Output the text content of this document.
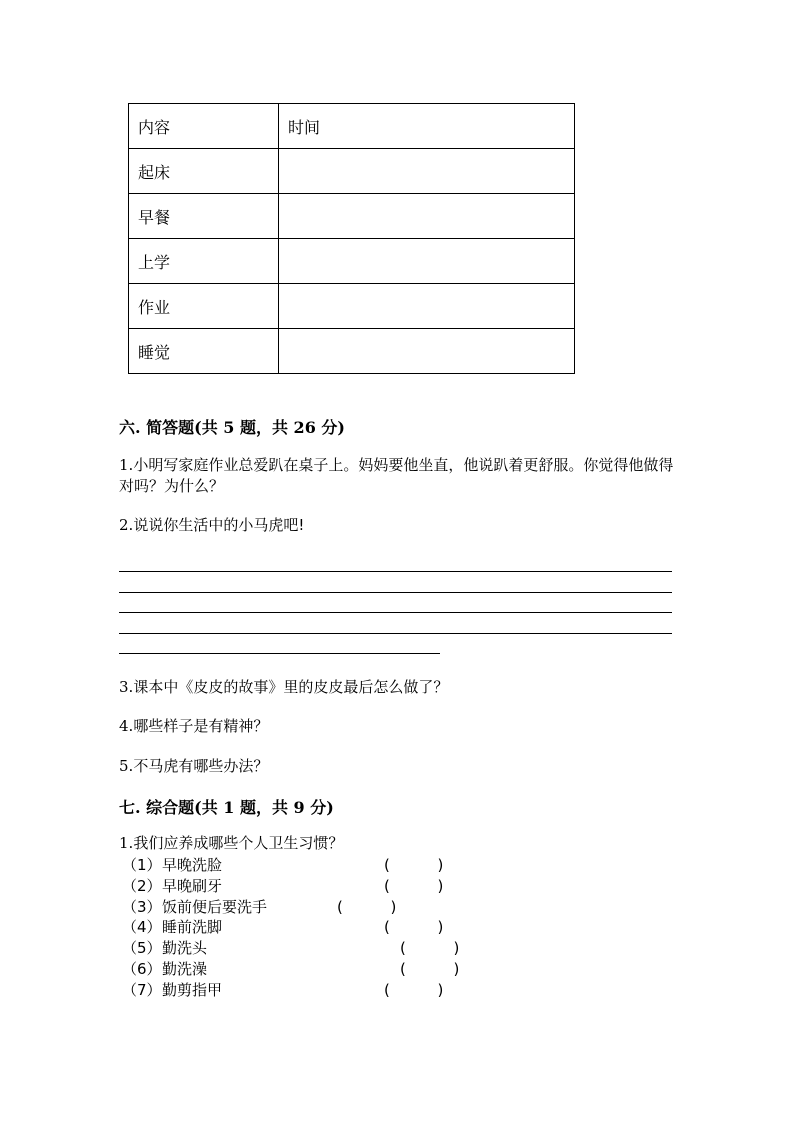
内容	时间
起床	
早餐	
上学	
作业	
睡觉	
六. 简答题(共 5 题，共 26 分)
1.小明写家庭作业总爱趴在桌子上。妈妈要他坐直，他说趴着更舒服。你觉得他做得对吗？为什么？
2.说说你生活中的小马虎吧!
3.课本中《皮皮的故事》里的皮皮最后怎么做了？
4.哪些样子是有精神？
5.不马虎有哪些办法？
七. 综合题(共 1 题，共 9 分)
1.我们应养成哪些个人卫生习惯？
（1）早晚洗脸	(          )
（2）早晚刷牙	(          )
（3）饭前便后要洗手	(          )
（4）睡前洗脚	(          )
（5）勤洗头	(          )
（6）勤洗澡	(          )
（7）勤剪指甲	(          )
